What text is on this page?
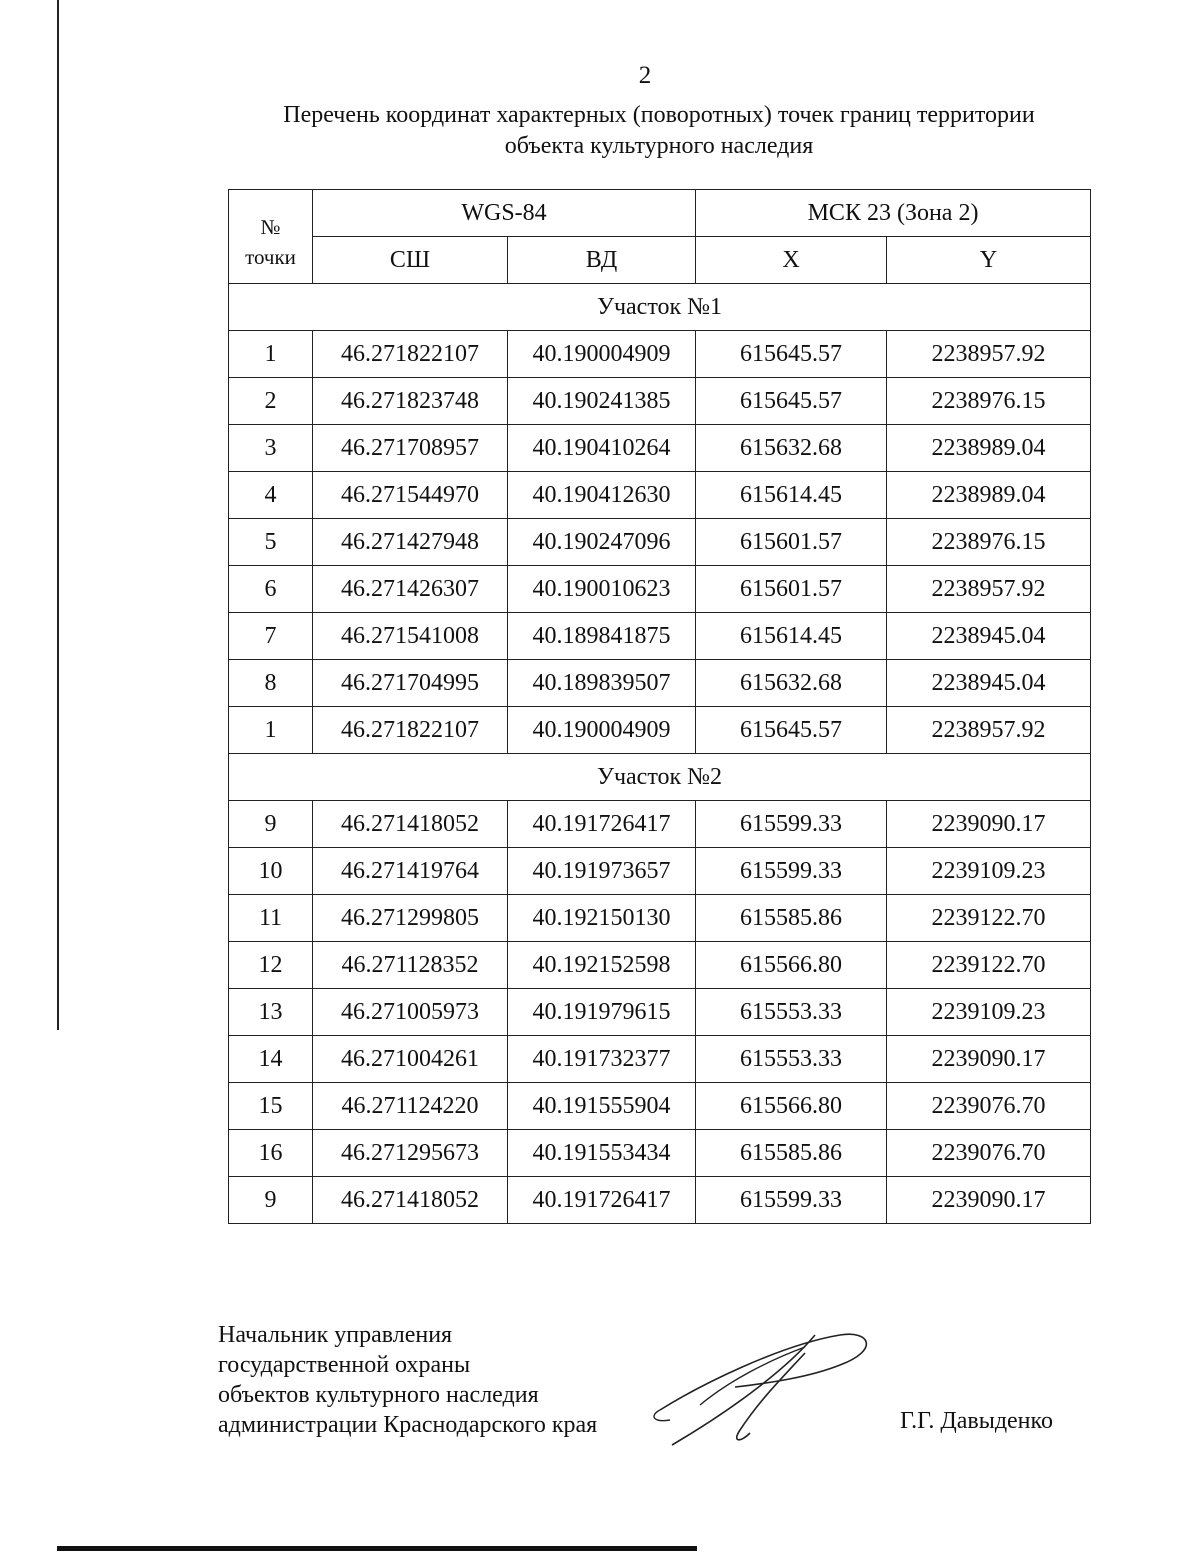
2
Перечень координат характерных (поворотных) точек границ территории
объекта культурного наследия
№
точки	WGS-84		МСК 23 (Зона 2)	
	СШ	ВД	X	Y
Участок №1				
1	46.271822107	40.190004909	615645.57	2238957.92
2	46.271823748	40.190241385	615645.57	2238976.15
3	46.271708957	40.190410264	615632.68	2238989.04
4	46.271544970	40.190412630	615614.45	2238989.04
5	46.271427948	40.190247096	615601.57	2238976.15
6	46.271426307	40.190010623	615601.57	2238957.92
7	46.271541008	40.189841875	615614.45	2238945.04
8	46.271704995	40.189839507	615632.68	2238945.04
1	46.271822107	40.190004909	615645.57	2238957.92
Участок №2				
9	46.271418052	40.191726417	615599.33	2239090.17
10	46.271419764	40.191973657	615599.33	2239109.23
11	46.271299805	40.192150130	615585.86	2239122.70
12	46.271128352	40.192152598	615566.80	2239122.70
13	46.271005973	40.191979615	615553.33	2239109.23
14	46.271004261	40.191732377	615553.33	2239090.17
15	46.271124220	40.191555904	615566.80	2239076.70
16	46.271295673	40.191553434	615585.86	2239076.70
9	46.271418052	40.191726417	615599.33	2239090.17
Начальник управления
государственной охраны
объектов культурного наследия
администрации Краснодарского края	Г.Г. Давыденко
